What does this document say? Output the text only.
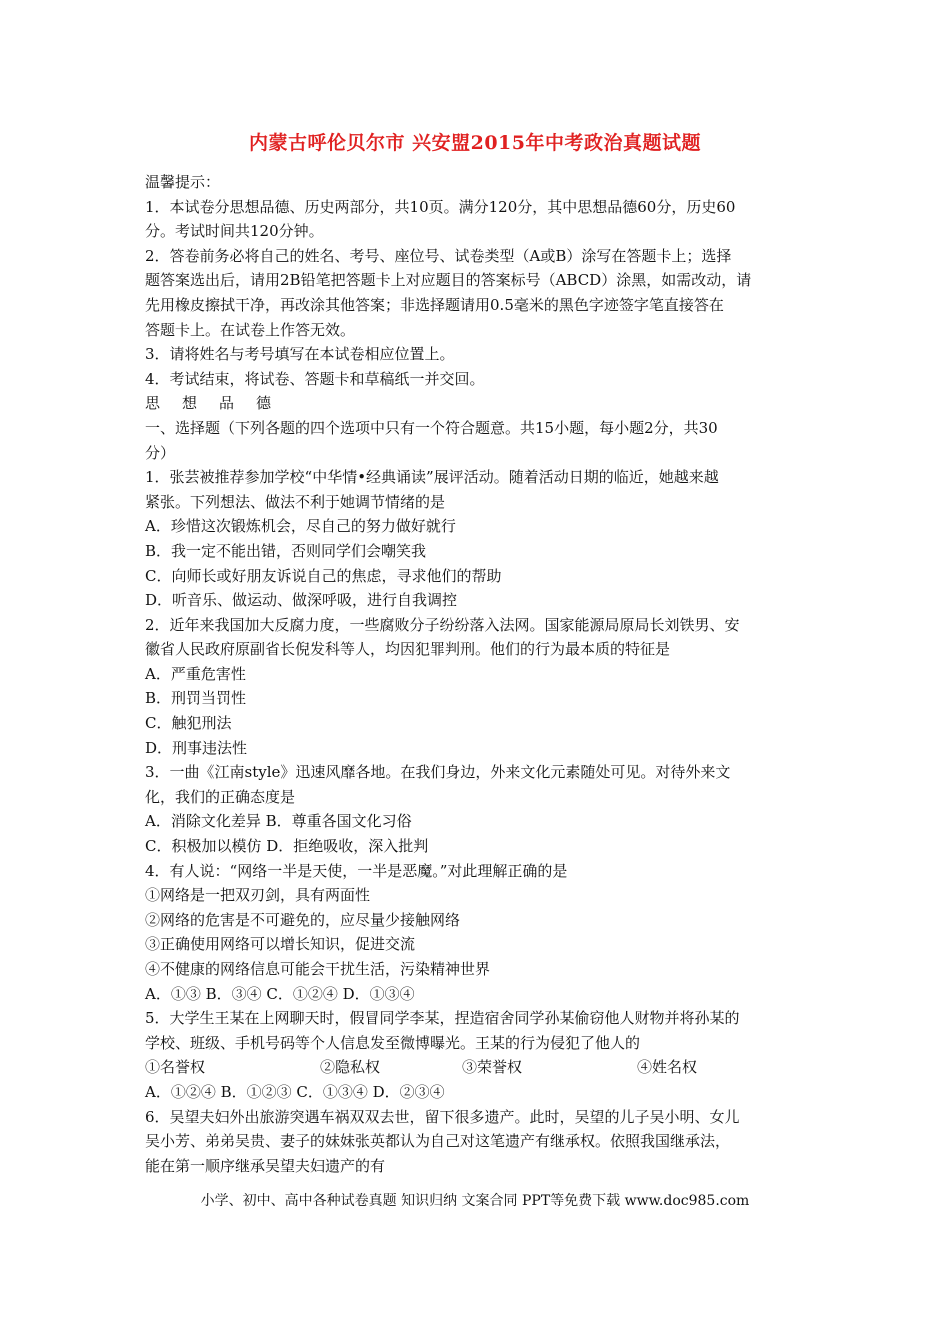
内蒙古呼伦贝尔市 兴安盟2015年中考政治真题试题
温馨提示：
1．本试卷分思想品德、历史两部分，共10页。满分120分，其中思想品德60分，历史60
分。考试时间共120分钟。
2．答卷前务必将自己的姓名、考号、座位号、试卷类型（A或B）涂写在答题卡上；选择
题答案选出后，请用2B铅笔把答题卡上对应题目的答案标号（ABCD）涂黑，如需改动，请
先用橡皮擦拭干净，再改涂其他答案；非选择题请用0.5毫米的黑色字迹签字笔直接答在
答题卡上。在试卷上作答无效。
3．请将姓名与考号填写在本试卷相应位置上。
4．考试结束，将试卷、答题卡和草稿纸一并交回。
思想品德
一、选择题（下列各题的四个选项中只有一个符合题意。共15小题，每小题2分，共30
分）
1．张芸被推荐参加学校“中华情•经典诵读”展评活动。随着活动日期的临近，她越来越
紧张。下列想法、做法不利于她调节情绪的是
A．珍惜这次锻炼机会，尽自己的努力做好就行
B．我一定不能出错，否则同学们会嘲笑我
C．向师长或好朋友诉说自己的焦虑，寻求他们的帮助
D．听音乐、做运动、做深呼吸，进行自我调控
2．近年来我国加大反腐力度，一些腐败分子纷纷落入法网。国家能源局原局长刘铁男、安
徽省人民政府原副省长倪发科等人，均因犯罪判刑。他们的行为最本质的特征是
A．严重危害性
B．刑罚当罚性
C．触犯刑法
D．刑事违法性
3．一曲《江南style》迅速风靡各地。在我们身边，外来文化元素随处可见。对待外来文
化，我们的正确态度是
A．消除文化差异 B．尊重各国文化习俗
C．积极加以模仿 D．拒绝吸收，深入批判
4．有人说：“网络一半是天使，一半是恶魔。”对此理解正确的是
①网络是一把双刃剑，具有两面性
②网络的危害是不可避免的，应尽量少接触网络
③正确使用网络可以增长知识，促进交流
④不健康的网络信息可能会干扰生活，污染精神世界
A．①③ B．③④ C．①②④ D．①③④
5．大学生王某在上网聊天时，假冒同学李某，捏造宿舍同学孙某偷窃他人财物并将孙某的
学校、班级、手机号码等个人信息发至微博曝光。王某的行为侵犯了他人的
①名誉权	②隐私权	③荣誉权	④姓名权
A．①②④ B．①②③ C．①③④ D．②③④
6．吴望夫妇外出旅游突遇车祸双双去世，留下很多遗产。此时，吴望的儿子吴小明、女儿
吴小芳、弟弟吴贵、妻子的妹妹张英都认为自己对这笔遗产有继承权。依照我国继承法，
能在第一顺序继承吴望夫妇遗产的有
小学、初中、高中各种试卷真题 知识归纳 文案合同 PPT等免费下载 www.doc985.com
